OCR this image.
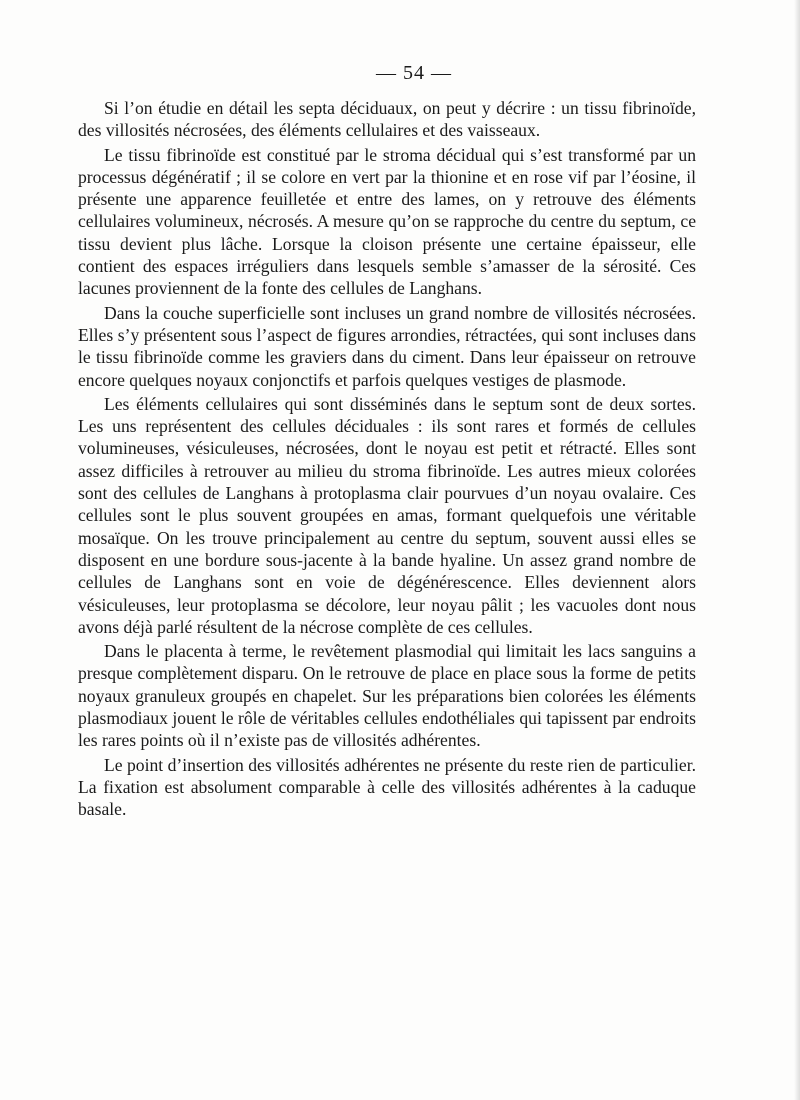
— 54 —

Si l’on étudie en détail les septa déciduaux, on peut y décrire : un tissu fibrinoïde, des villosités nécrosées, des éléments cellulaires et des vaisseaux.

Le tissu fibrinoïde est constitué par le stroma décidual qui s’est transformé par un processus dégénératif ; il se colore en vert par la thionine et en rose vif par l’éosine, il présente une apparence feuilletée et entre des lames, on y retrouve des éléments cellulaires volumineux, nécrosés. A mesure qu’on se rapproche du centre du septum, ce tissu devient plus lâche. Lorsque la cloison présente une certaine épaisseur, elle contient des espaces irréguliers dans lesquels semble s’amasser de la sérosité. Ces lacunes proviennent de la fonte des cellules de Langhans.

Dans la couche superficielle sont incluses un grand nombre de villosités nécrosées. Elles s’y présentent sous l’aspect de figures arrondies, rétractées, qui sont incluses dans le tissu fibrinoïde comme les graviers dans du ciment. Dans leur épaisseur on retrouve encore quelques noyaux conjonctifs et parfois quelques vestiges de plasmode.

Les éléments cellulaires qui sont disséminés dans le septum sont de deux sortes. Les uns représentent des cellules déciduales : ils sont rares et formés de cellules volumineuses, vésiculeuses, nécrosées, dont le noyau est petit et rétracté. Elles sont assez difficiles à retrouver au milieu du stroma fibrinoïde. Les autres mieux colorées sont des cellules de Langhans à protoplasma clair pourvues d’un noyau ovalaire. Ces cellules sont le plus souvent groupées en amas, formant quelquefois une véritable mosaïque. On les trouve principalement au centre du septum, souvent aussi elles se disposent en une bordure sous-jacente à la bande hyaline. Un assez grand nombre de cellules de Langhans sont en voie de dégénérescence. Elles deviennent alors vésiculeuses, leur protoplasma se décolore, leur noyau pâlit ; les vacuoles dont nous avons déjà parlé résultent de la nécrose complète de ces cellules.

Dans le placenta à terme, le revêtement plasmodial qui limitait les lacs sanguins a presque complètement disparu. On le retrouve de place en place sous la forme de petits noyaux granuleux groupés en chapelet. Sur les préparations bien colorées les éléments plasmodiaux jouent le rôle de véritables cellules endothéliales qui tapissent par endroits les rares points où il n’existe pas de villosités adhérentes.

Le point d’insertion des villosités adhérentes ne présente du reste rien de particulier. La fixation est absolument comparable à celle des villosités adhérentes à la caduque basale.
